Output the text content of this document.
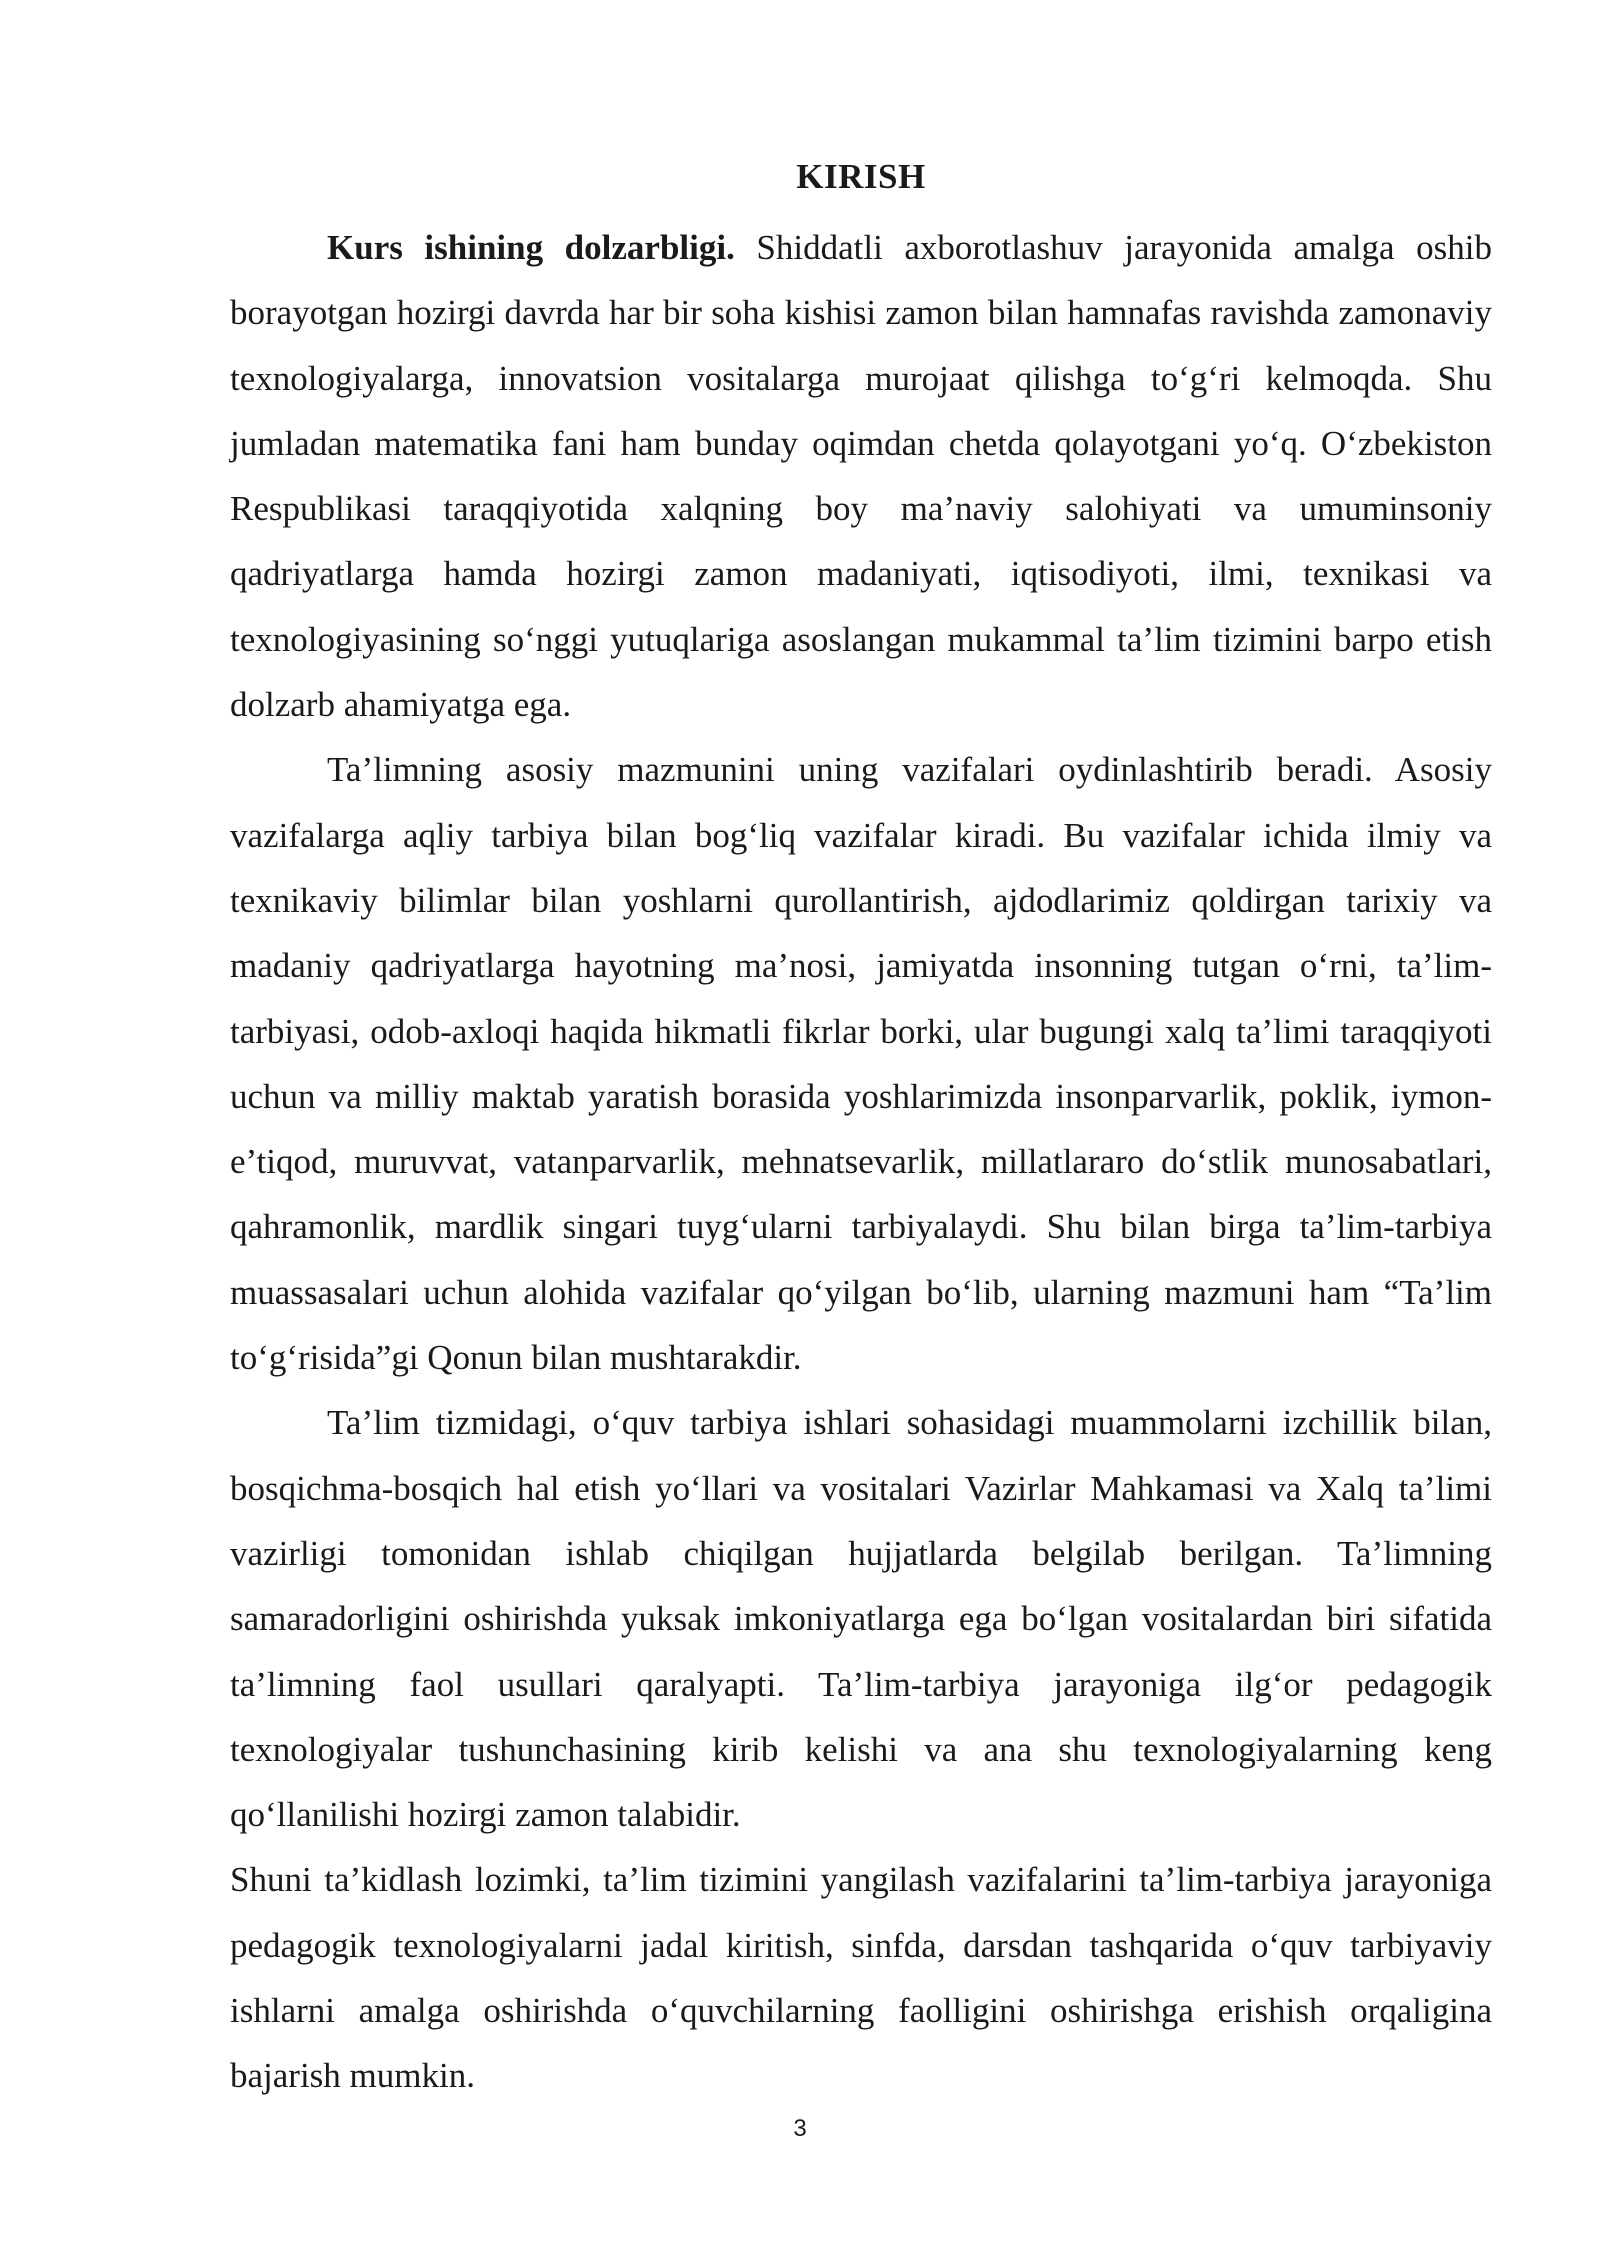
KIRISH

Kurs ishining dolzarbligi. Shiddatli axborotlashuv jarayonida amalga oshib borayotgan hozirgi davrda har bir soha kishisi zamon bilan hamnafas ravishda zamonaviy texnologiyalarga, innovatsion vositalarga murojaat qilishga to‘g‘ri kelmoqda. Shu jumladan matematika fani ham bunday oqimdan chetda qolayotgani yo‘q. O‘zbekiston Respublikasi taraqqiyotida xalqning boy ma’naviy salohiyati va umuminsoniy qadriyatlarga hamda hozirgi zamon madaniyati, iqtisodiyoti, ilmi, texnikasi va texnologiyasining so‘nggi yutuqlariga asoslangan mukammal ta’lim tizimini barpo etish dolzarb ahamiyatga ega.

Ta’limning asosiy mazmunini uning vazifalari oydinlashtirib beradi. Asosiy vazifalarga aqliy tarbiya bilan bog‘liq vazifalar kiradi. Bu vazifalar ichida ilmiy va texnikaviy bilimlar bilan yoshlarni qurollantirish, ajdodlarimiz qoldirgan tarixiy va madaniy qadriyatlarga hayotning ma’nosi, jamiyatda insonning tutgan o‘rni, ta’lim-tarbiyasi, odob-axloqi haqida hikmatli fikrlar borki, ular bugungi xalq ta’limi taraqqiyoti uchun va milliy maktab yaratish borasida yoshlarimizda insonparvarlik, poklik, iymon-e’tiqod, muruvvat, vatanparvarlik, mehnatsevarlik, millatlararo do‘stlik munosabatlari, qahramonlik, mardlik singari tuyg‘ularni tarbiyalaydi. Shu bilan birga ta’lim-tarbiya muassasalari uchun alohida vazifalar qo‘yilgan bo‘lib, ularning mazmuni ham “Ta’lim to‘g‘risida”gi Qonun bilan mushtarakdir.

Ta’lim tizmidagi, o‘quv tarbiya ishlari sohasidagi muammolarni izchillik bilan, bosqichma-bosqich hal etish yo‘llari va vositalari Vazirlar Mahkamasi va Xalq ta’limi vazirligi tomonidan ishlab chiqilgan hujjatlarda belgilab berilgan. Ta’limning samaradorligini oshirishda yuksak imkoniyatlarga ega bo‘lgan vositalardan biri sifatida ta’limning faol usullari qaralyapti. Ta’lim-tarbiya jarayoniga ilg‘or pedagogik texnologiyalar tushunchasining kirib kelishi va ana shu texnologiyalarning keng qo‘llanilishi hozirgi zamon talabidir.

Shuni ta’kidlash lozimki, ta’lim tizimini yangilash vazifalarini ta’lim-tarbiya jarayoniga pedagogik texnologiyalarni jadal kiritish, sinfda, darsdan tashqarida o‘quv tarbiyaviy ishlarni amalga oshirishda o‘quvchilarning faolligini oshirishga erishish orqaligina bajarish mumkin.

3
